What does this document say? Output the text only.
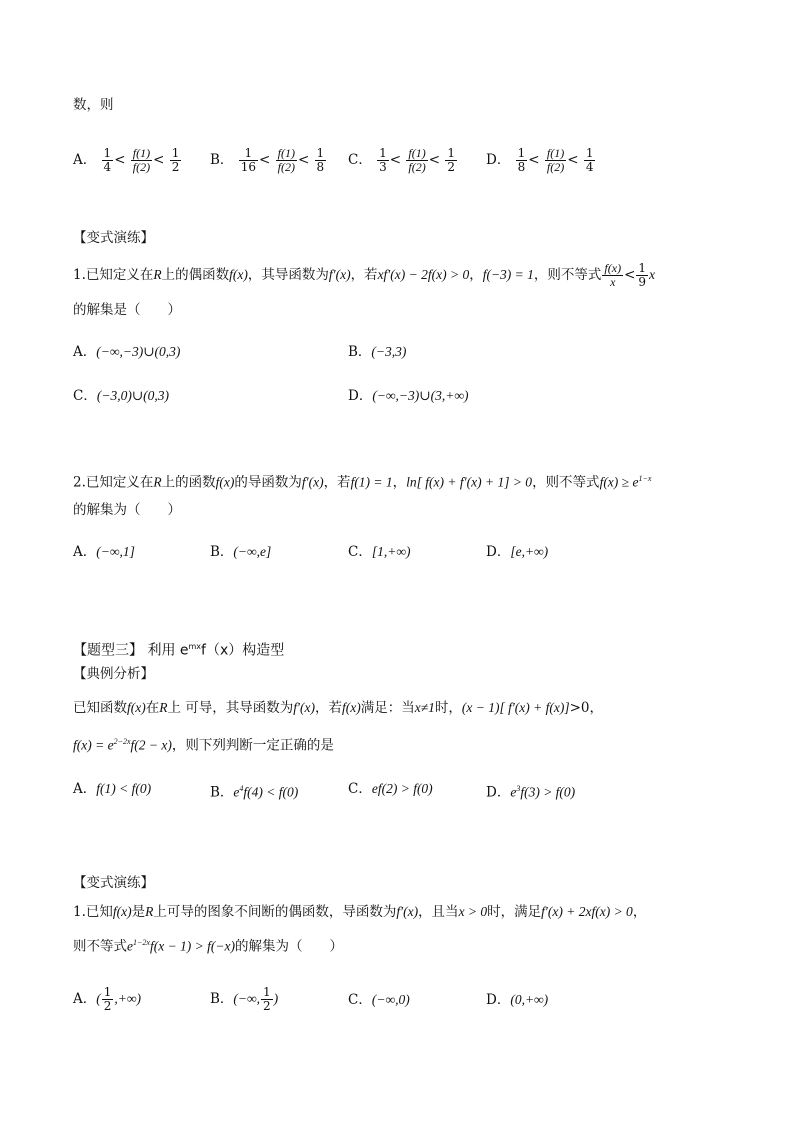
数，则
A． $\frac{1}{4} < \frac{f(1)}{f(2)} < \frac{1}{2}$ B． $\frac{1}{16} < \frac{f(1)}{f(2)} < \frac{1}{8}$ C． $\frac{1}{3} < \frac{f(1)}{f(2)} < \frac{1}{2}$ D． $\frac{1}{8} < \frac{f(1)}{f(2)} < \frac{1}{4}$
【变式演练】
1.已知定义在R上的偶函数f(x)，其导函数为f′(x)，若xf′(x) − 2f(x) > 0，f(−3) = 1，则不等式 $\frac{f(x)}{x} < \frac{1}{9}$ x
的解集是（　　）
A．(−∞,−3)∪(0,3)	B．(−3,3)
C．(−3,0)∪(0,3)	D．(−∞,−3)∪(3,+∞)
2.已知定义在R上的函数f(x)的导函数为f′(x)，若f(1) = 1，ln[ f(x) + f′(x) + 1] > 0，则不等式$f(x) \ge e^{1-x}$
的解集为（　　）
A．(−∞,1]	B．(−∞,e]	C．[1,+∞)	D．[e,+∞)
【题型三】 利用 $e^{mx}f(x)$构造型
【典例分析】
已知函数f(x)在R上 可导，其导函数为f′(x)，若f(x)满足：当x≠1时，(x − 1)[ f′(x) + f(x)]>0，
$f(x) = e^{2-2x}f(2 - x)$，则下列判断一定正确的是
A．f(1) < f(0)	B．$e^4f(4) < f(0)$	C．ef(2) > f(0)	D．$e^3f(3) > f(0)$
【变式演练】
1.已知f(x)是R上可导的图象不间断的偶函数，导函数为f′(x)，且当x > 0时，满足f′(x) + 2xf(x) > 0，
则不等式$e^{1-2x}f(x - 1) > f(-x)$的解集为（　　）
A．( $\frac{1}{2}$ ,+∞)	B．(−∞, $\frac{1}{2}$ )	C．(−∞,0)	D．(0,+∞)
